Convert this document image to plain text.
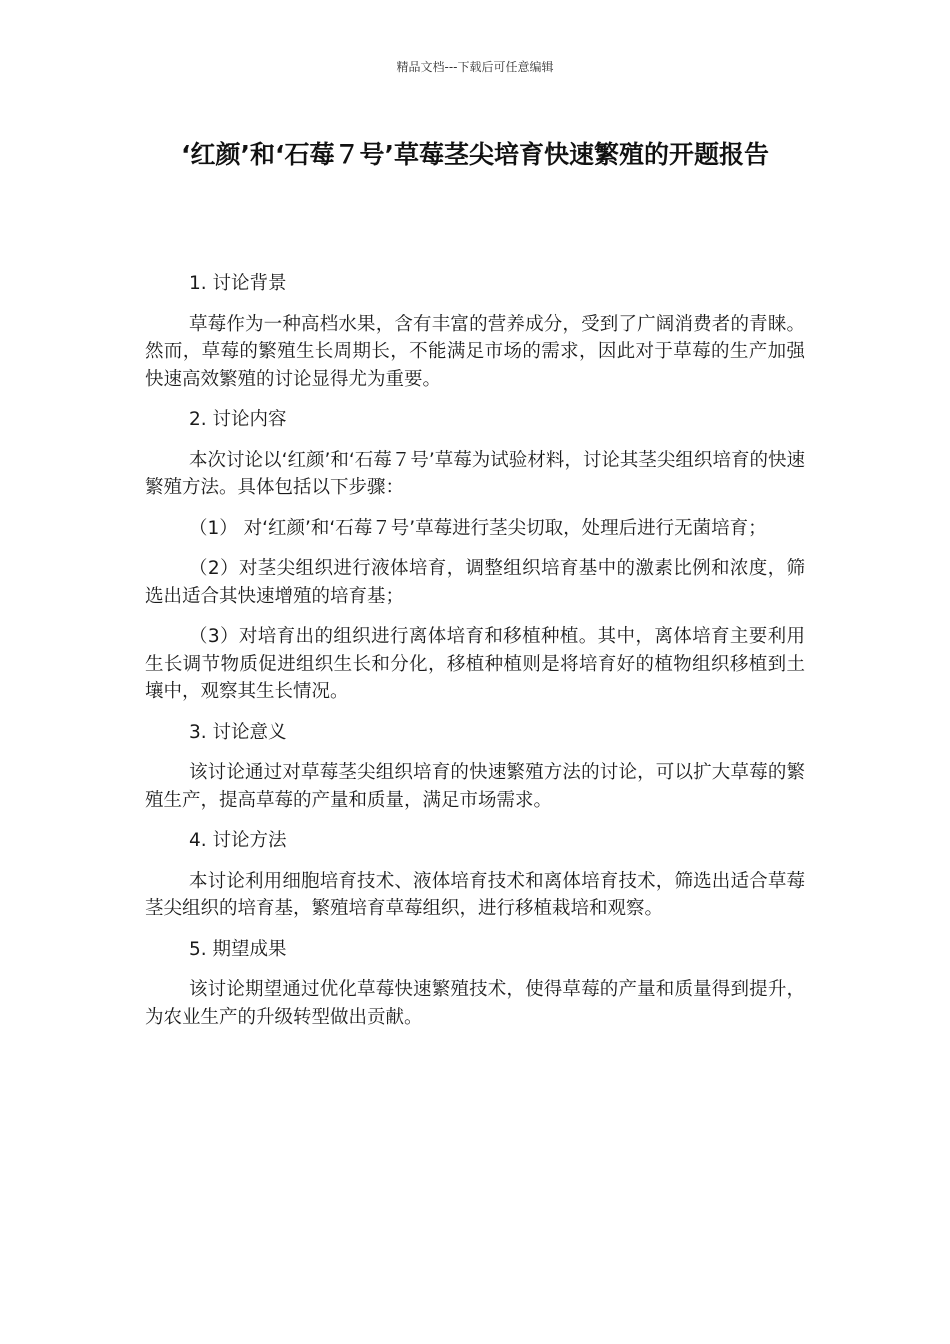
精品文档---下载后可任意编辑
‘红颜’和‘石莓７号’草莓茎尖培育快速繁殖的开题报告
1. 讨论背景
草莓作为一种高档水果，含有丰富的营养成分，受到了广阔消费者的青睐。然而，草莓的繁殖生长周期长，不能满足市场的需求，因此对于草莓的生产加强快速高效繁殖的讨论显得尤为重要。
2. 讨论内容
本次讨论以‘红颜’和‘石莓７号’草莓为试验材料，讨论其茎尖组织培育的快速繁殖方法。具体包括以下步骤：
（1） 对‘红颜’和‘石莓７号’草莓进行茎尖切取，处理后进行无菌培育；
（2）对茎尖组织进行液体培育，调整组织培育基中的激素比例和浓度，筛选出适合其快速增殖的培育基；
（3）对培育出的组织进行离体培育和移植种植。其中，离体培育主要利用生长调节物质促进组织生长和分化，移植种植则是将培育好的植物组织移植到土壤中，观察其生长情况。
3. 讨论意义
该讨论通过对草莓茎尖组织培育的快速繁殖方法的讨论，可以扩大草莓的繁殖生产，提高草莓的产量和质量，满足市场需求。
4. 讨论方法
本讨论利用细胞培育技术、液体培育技术和离体培育技术，筛选出适合草莓茎尖组织的培育基，繁殖培育草莓组织，进行移植栽培和观察。
5. 期望成果
该讨论期望通过优化草莓快速繁殖技术，使得草莓的产量和质量得到提升，为农业生产的升级转型做出贡献。
